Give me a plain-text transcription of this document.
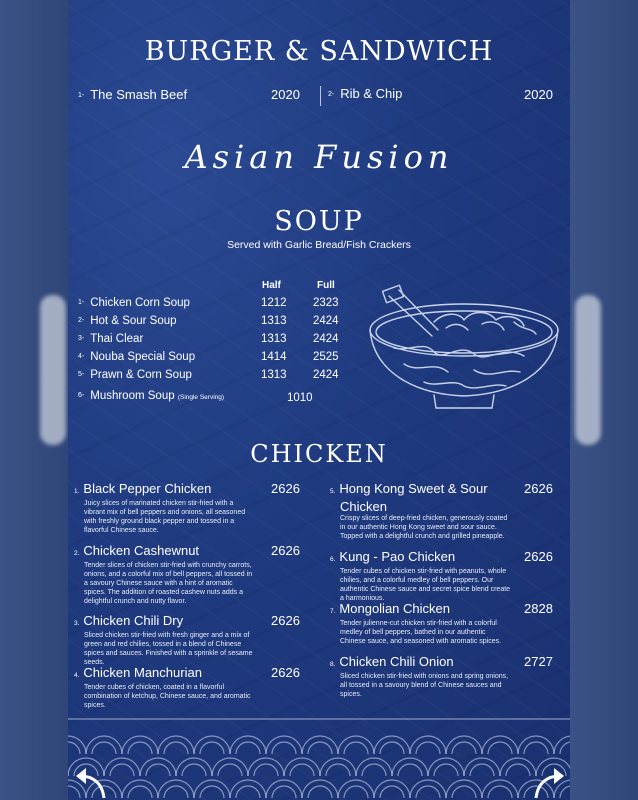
BURGER & SANDWICH
1- The Smash Beef	2020	2- Rib & Chip	2020
Asian Fusion
SOUP
Served with Garlic Bread/Fish Crackers
Half	Full
1- Chicken Corn Soup	1212 2323
2- Hot & Sour Soup	1313 2424
3- Thai Clear	1313 2424
4- Nouba Special Soup	1414 2525
5- Prawn & Corn Soup	1313 2424
6- Mushroom Soup (Single Serving)	1010
CHICKEN
1. Black Pepper Chicken
Juicy slices of marinated chicken stir-fried with a vibrant mix of bell peppers and onions, all seasoned with freshly ground black pepper and tossed in a flavorful Chinese sauce.
2626
2. Chicken Cashewnut
Tender slices of chicken stir-fried with crunchy carrots, onions, and a colorful mix of bell peppers, all tossed in a savoury Chinese sauce with a hint of aromatic spices. The addition of roasted cashew nuts adds a delightful crunch and nutty flavor.
2626
3. Chicken Chili Dry
Sliced chicken stir-fried with fresh ginger and a mix of green and red chilies, tossed in a blend of Chinese spices and sauces. Finished with a sprinkle of sesame seeds.
2626
4. Chicken Manchurian
Tender cubes of chicken, coated in a flavorful combination of ketchup, Chinese sauce, and aromatic spices.
2626
5. Hong Kong Sweet & Sour
Chicken
Crispy slices of deep-fried chicken, generously coated in our authentic Hong Kong sweet and sour sauce. Topped with a delightful crunch and grilled pineapple.
2626
6. Kung - Pao Chicken
Tender cubes of chicken stir-fried with peanuts, whole chilies, and a colorful medley of bell peppers. Our authentic Chinese sauce and secret spice blend create a harmonious.
2626
7. Mongolian Chicken
Tender julienne-cut chicken stir-fried with a colorful medley of bell peppers, bathed in our authentic Chinese sauce, and seasoned with aromatic spices.
2828
8. Chicken Chili Onion
Sliced chicken stir-fried with onions and spring onions, all tossed in a savoury blend of Chinese sauces and spices.
2727
